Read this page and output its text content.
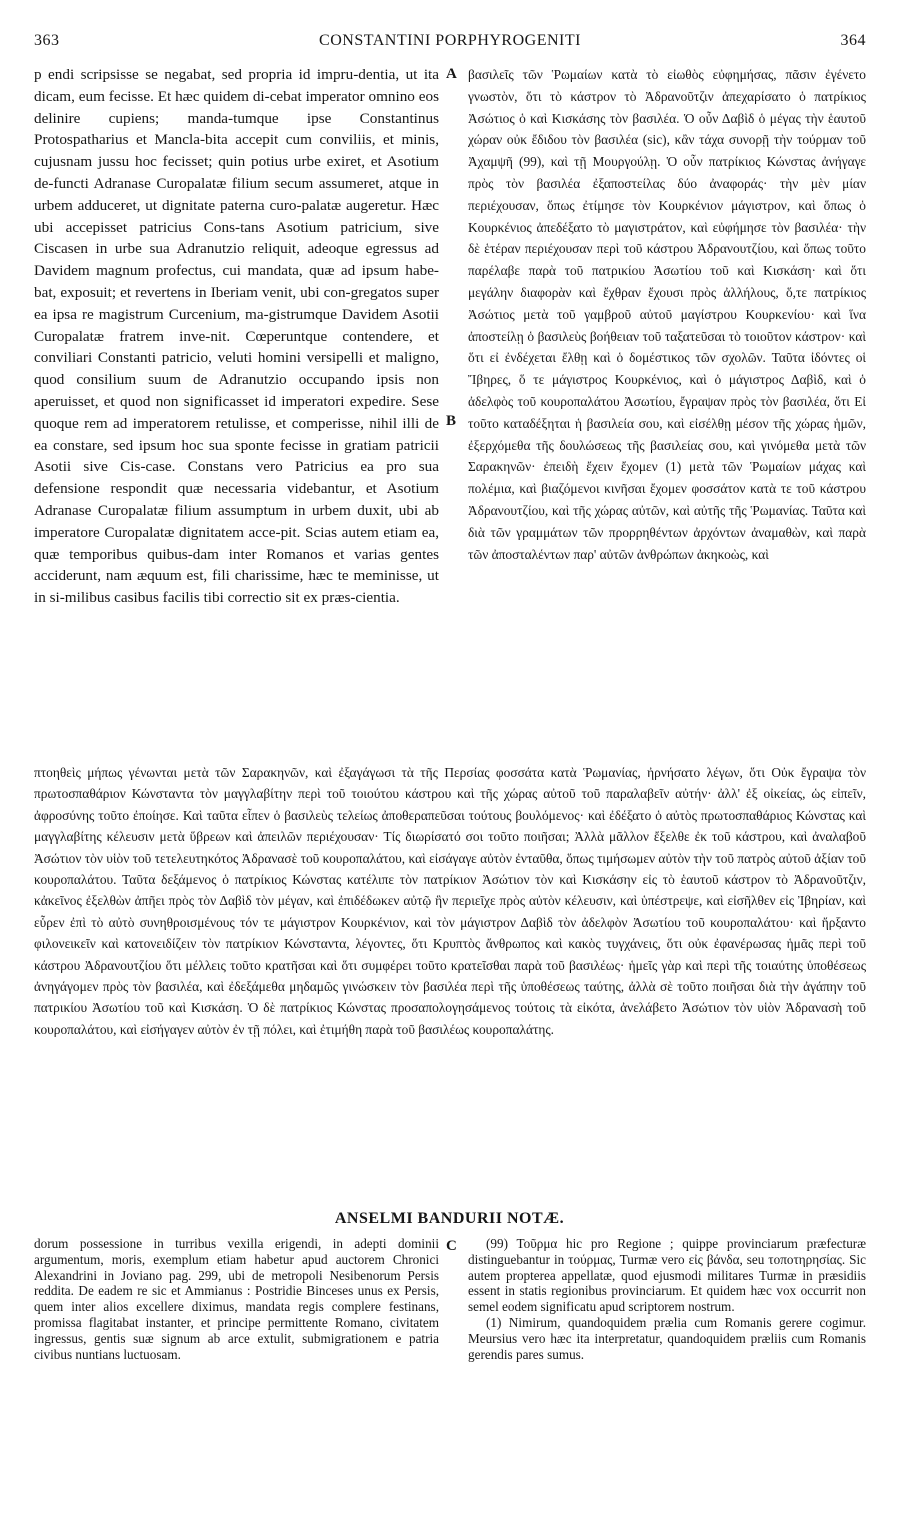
363	CONSTANTINI PORPHYROGENITI	364
A
B
C

p endi scripsisse se negabat, sed propria id impru-dentia, ut ita dicam, eum fecisse. Et hæc quidem di-cebat imperator omnino eos delinire cupiens; manda-tumque ipse Constantinus Protospatharius et Mancla-bita accepit cum conviliis, et minis, cujusnam jussu hoc fecisset; quin potius urbe exiret, et Asotium de-functi Adranase Curopalatæ filium secum assumeret, atque in urbem adduceret, ut dignitate paterna curo-palatæ augeretur. Hæc ubi accepisset patricius Cons-tans Asotium patricium, sive Ciscasen in urbe sua Adranutzio reliquit, adeoque egressus ad Davidem magnum profectus, cui mandata, quæ ad ipsum habe-bat, exposuit; et revertens in Iberiam venit, ubi con-gregatos super ea ipsa re magistrum Curcenium, ma-gistrumque Davidem Asotii Curopalatæ fratrem inve-nit. Cœperuntque contendere, et conviliari Constanti patricio, veluti homini versipelli et maligno, quod consilium suum de Adranutzio occupando ipsis non aperuisset, et quod non significasset id imperatori expedire. Sese quoque rem ad imperatorem retulisse, et comperisse, nihil illi de ea constare, sed ipsum hoc sua sponte fecisse in gratiam patricii Asotii sive Cis-case. Constans vero Patricius ea pro sua defensione respondit quæ necessaria videbantur, et Asotium Adranase Curopalatæ filium assumptum in urbem duxit, ubi ab imperatore Curopalatæ dignitatem acce-pit. Scias autem etiam ea, quæ temporibus quibus-dam inter Romanos et varias gentes acciderunt, nam æquum est, fili charissime, hæc te meminisse, ut in si-milibus casibus facilis tibi correctio sit ex præs-cientia.

βασιλεῖς τῶν Ῥωμαίων κατὰ τὸ εἰωθὸς εὐφημήσας, πᾶσιν ἐγένετο γνωστὸν, ὅτι τὸ κάστρον τὸ Ἀδρανοῦτζιν ἀπεχαρίσατο ὁ πατρίκιος Ἀσώτιος ὁ καὶ Κισκάσης τὸν βασιλέα. Ὁ οὖν Δαβὶδ ὁ μέγας τὴν ἑαυτοῦ χώραν οὐκ ἔδιδου τὸν βασιλέα (sic), κἂν τάχα συνορῇ τὴν τούρμαν τοῦ Ἀχαμψῆ (99), καὶ τῇ Μουργούλῃ. Ὁ οὖν πατρίκιος Κώνστας ἀνήγαγε πρὸς τὸν βασιλέα ἐξαποστείλας δύο ἀναφοράς· τὴν μὲν μίαν περιέχουσαν, ὅπως ἐτίμησε τὸν Κουρκένιον μάγιστρον, καὶ ὅπως ὁ Κουρκένιος ἀπεδέξατο τὸ μαγιστράτον, καὶ εὐφήμησε τὸν βασιλέα· τὴν δὲ ἑτέραν περιέχουσαν περὶ τοῦ κάστρου Ἀδρανουτζίου, καὶ ὅπως τοῦτο παρέλαβε παρὰ τοῦ πατρικίου Ἀσωτίου τοῦ καὶ Κισκάση· καὶ ὅτι μεγάλην διαφορὰν καὶ ἔχθραν ἔχουσι πρὸς ἀλλήλους, ὅ,τε πατρίκιος Ἀσώτιος μετὰ τοῦ γαμβροῦ αὐτοῦ μαγίστρου Κουρκενίου· καὶ ἵνα ἀποστείλῃ ὁ βασιλεὺς βοήθειαν τοῦ ταξατεῦσαι τὸ τοιοῦτον κάστρον· καὶ ὅτι εἰ ἐνδέχεται ἔλθῃ καὶ ὁ δομέστικος τῶν σχολῶν. Ταῦτα ἰδόντες οἱ Ἴβηρες, ὅ τε μάγιστρος Κουρκένιος, καὶ ὁ μάγιστρος Δαβὶδ, καὶ ὁ ἀδελφὸς τοῦ κουροπαλάτου Ἀσωτίου, ἔγραψαν πρὸς τὸν βασιλέα, ὅτι Εἰ τοῦτο καταδέξηται ἡ βασιλεία σου, καὶ εἰσέλθῃ μέσον τῆς χώρας ἡμῶν, ἐξερχόμεθα τῆς δουλώσεως τῆς βασιλείας σου, καὶ γινόμεθα μετὰ τῶν Σαρακηνῶν· ἐπειδὴ ἔχειν ἔχομεν (1) μετὰ τῶν Ῥωμαίων μάχας καὶ πολέμια, καὶ βιαζόμενοι κινῆσαι ἔχομεν φοσσάτον κατὰ τε τοῦ κάστρου Ἀδρανουτζίου, καὶ τῆς χώρας αὐτῶν, καὶ αὐτῆς τῆς Ῥωμανίας. Ταῦτα καὶ διὰ τῶν γραμμάτων τῶν προρρηθέντων ἀρχόντων ἀναμαθὼν, καὶ παρὰ τῶν ἀποσταλέντων παρ' αὐτῶν ἀνθρώπων ἀκηκοὼς, καὶ

πτοηθεὶς μήπως γένωνται μετὰ τῶν Σαρακηνῶν, καὶ ἐξαγάγωσι τὰ τῆς Περσίας φοσσάτα κατὰ Ῥωμανίας, ἠρνήσατο λέγων, ὅτι Οὐκ ἔγραψα τὸν πρωτοσπαθάριον Κώνσταντα τὸν μαγγλαβίτην περὶ τοῦ τοιούτου κάστρου καὶ τῆς χώρας αὐτοῦ τοῦ παραλαβεῖν αὐτήν· ἀλλ' ἐξ οἰκείας, ὡς εἰπεῖν, ἀφροσύνης τοῦτο ἐποίησε. Καὶ ταῦτα εἶπεν ὁ βασιλεὺς τελείως ἀποθεραπεῦσαι τούτους βουλόμενος· καὶ ἐδέξατο ὁ αὐτὸς πρωτοσπαθάριος Κώνστας καὶ μαγγλαβίτης κέλευσιν μετὰ ὕβρεων καὶ ἀπειλῶν περιέχουσαν· Τίς διωρίσατό σοι τοῦτο ποιῆσαι; Ἀλλὰ μᾶλλον ἔξελθε ἐκ τοῦ κάστρου, καὶ ἀναλαβοῦ Ἀσώτιον τὸν υἱὸν τοῦ τετελευτηκότος Ἀδρανασὲ τοῦ κουροπαλάτου, καὶ εἰσάγαγε αὐτὸν ἐνταῦθα, ὅπως τιμήσωμεν αὐτὸν τὴν τοῦ πατρὸς αὐτοῦ ἀξίαν τοῦ κουροπαλάτου. Ταῦτα δεξάμενος ὁ πατρίκιος Κώνστας κατέλιπε τὸν πατρίκιον Ἀσώτιον τὸν καὶ Κισκάσην εἰς τὸ ἑαυτοῦ κάστρον τὸ Ἀδρανοῦτζιν, κἀκεῖνος ἐξελθὼν ἀπῆει πρὸς τὸν Δαβὶδ τὸν μέγαν, καὶ ἐπιδέδωκεν αὐτῷ ἣν περιεῖχε πρὸς αὐτὸν κέλευσιν, καὶ ὑπέστρεψε, καὶ εἰσῆλθεν εἰς Ἰβηρίαν, καὶ εὗρεν ἐπὶ τὸ αὐτὸ συνηθροισμένους τόν τε μάγιστρον Κουρκένιον, καὶ τὸν μάγιστρον Δαβὶδ τὸν ἀδελφὸν Ἀσωτίου τοῦ κουροπαλάτου· καὶ ἤρξαντο φιλονεικεῖν καὶ κατονειδίζειν τὸν πατρίκιον Κώνσταντα, λέγοντες, ὅτι Κρυπτὸς ἄνθρωπος καὶ κακὸς τυγχάνεις, ὅτι οὐκ ἐφανέρωσας ἡμᾶς περὶ τοῦ κάστρου Ἀδρανουτζίου ὅτι μέλλεις τοῦτο κρατῆσαι καὶ ὅτι συμφέρει τοῦτο κρατεῖσθαι παρὰ τοῦ βασιλέως· ἡμεῖς γὰρ καὶ περὶ τῆς τοιαύτης ὑποθέσεως ἀνηγάγομεν πρὸς τὸν βασιλέα, καὶ ἐδεξάμεθα μηδαμῶς γινώσκειν τὸν βασιλέα περὶ τῆς ὑποθέσεως ταύτης, ἀλλὰ σὲ τοῦτο ποιῆσαι διὰ τὴν ἀγάπην τοῦ πατρικίου Ἀσωτίου τοῦ καὶ Κισκάση. Ὁ δὲ πατρίκιος Κώνστας προσαπολογησάμενος τούτοις τὰ εἰκότα, ἀνελάβετο Ἀσώτιον τὸν υἱὸν Ἀδρανασὴ τοῦ κουροπαλάτου, καὶ εἰσήγαγεν αὐτὸν ἐν τῇ πόλει, καὶ ἐτιμήθη παρὰ τοῦ βασιλέως κουροπαλάτης.

ANSELMI BANDURII NOTÆ.

dorum possessione in turribus vexilla erigendi, in adepti dominii argumentum, moris, exemplum etiam habetur apud auctorem Chronici Alexandrini in Joviano pag. 299, ubi de metropoli Nesibenorum Persis reddita. De eadem re sic et Ammianus : Postridie Binceses unus ex Persis, quem inter alios excellere diximus, mandata regis complere festinans, promissa flagitabat instanter, et principe permittente Romano, civitatem ingressus, gentis suæ signum ab arce extulit, submigrationem e patria civibus nuntians luctuosam.

(99) Τοῦρμα hic pro Regione ; quippe provinciarum præfecturæ distinguebantur in τούρμας, Turmæ vero εἰς βάνδα, seu τοποτηρησίας. Sic autem propterea appellatæ, quod ejusmodi militares Turmæ in præsidiis essent in statis regionibus provinciarum. Et quidem hæc vox occurrit non semel eodem significatu apud scriptorem nostrum.

(1) Nimirum, quandoquidem prælia cum Romanis gerere cogimur. Meursius vero hæc ita interpretatur, quandoquidem præliis cum Romanis gerendis pares sumus.
